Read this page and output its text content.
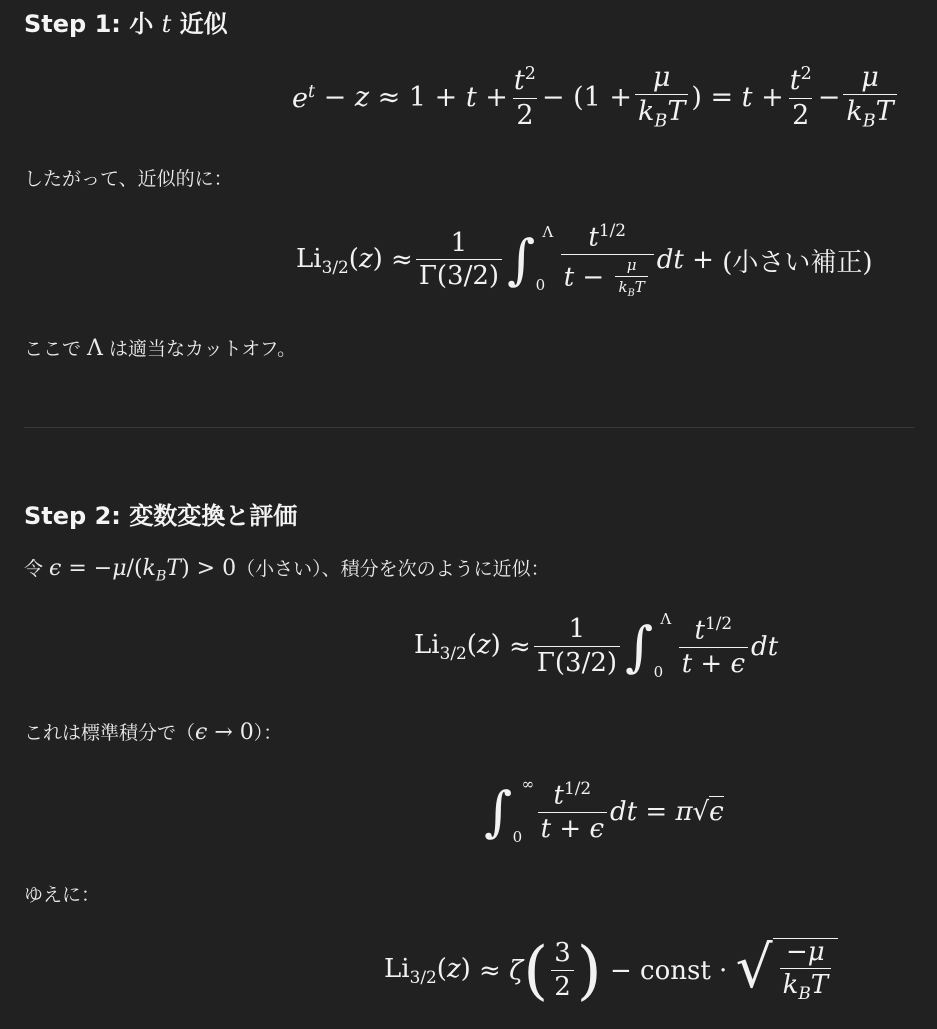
Step 1: 小 t 近似
$e^t - z \approx 1 + t + \frac{t^2}{2} - (1 + \frac{\mu}{k_BT}$ ) = $t + \frac{t^2}{2} - \frac{\mu}{k_BT}$

したがって、近似的に：

$Li_{3/2}(z) \approx \frac{1}{\Gamma(3/2)}$ ∫ Λ
0
$\frac{t^{1/2}}{t - \frac{\mu}{k_BT}}$ dt + (小さい補正)

ここで Λ は適当なカットオフ。

Step 2: 変数変換と評価

令 $\epsilon = -\mu/(k_BT) > 0$（小さい）、積分を次のように近似：

$Li_{3/2}(z) \approx \frac{1}{\Gamma(3/2)}$ ∫ Λ
0
$\frac{t^{1/2}}{t + \epsilon}$ dt

これは標準積分で（ϵ → 0）：

∫ ∞
0
$\frac{t^{1/2}}{t + \epsilon}$ dt = π √ ϵ

ゆえに：

$Li_{3/2}(z) \approx \zeta$ ( $\frac{3}{2}$ ) − const · √ $\frac{-\mu}{k_BT}$
